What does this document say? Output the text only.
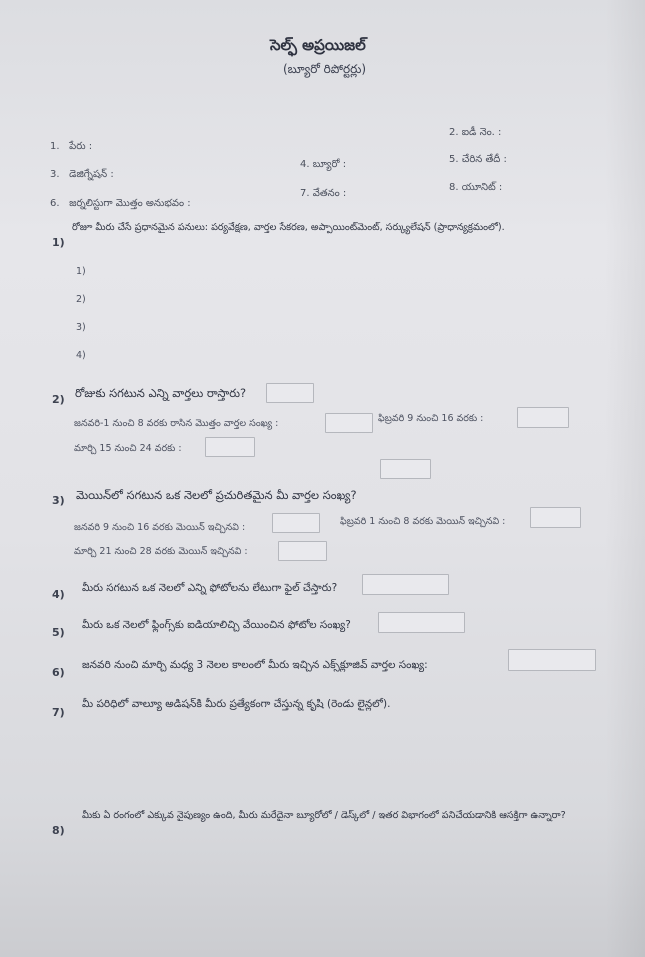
సెల్ఫ్ అప్రయిజల్
(బ్యూరో రిపోర్టర్లు)
1. పేరు :
2. ఐడీ నెం. :
3. డెజిగ్నేషన్ :
4. బ్యూరో :	5. చేరిన తేదీ :
6. జర్నలిస్టుగా మొత్తం అనుభవం :
7. వేతనం :
8. యూనిట్ :
1)
రోజూ మీరు చేసే ప్రధానమైన పనులు: పర్యవేక్షణ, వార్తల సేకరణ, అప్పాయింట్‌మెంట్, సర్క్యులేషన్ (ప్రాధాన్యక్రమంలో).
1)
2)
3)
4)
2) రోజుకు సగటున ఎన్ని వార్తలు రాస్తారు?
జనవరి-1 నుంచి 8 వరకు రాసిన మొత్తం వార్తల సంఖ్య :	ఫిబ్రవరి 9 నుంచి 16 వరకు :
మార్చి 15 నుంచి 24 వరకు :
3) మెయిన్‌లో సగటున ఒక నెలలో ప్రచురితమైన మీ వార్తల సంఖ్య?
జనవరి 9 నుంచి 16 వరకు మెయిన్ ఇచ్చినవి :
ఫిబ్రవరి 1 నుంచి 8 వరకు మెయిన్ ఇచ్చినవి :
మార్చి 21 నుంచి 28 వరకు మెయిన్ ఇచ్చినవి :
4) మీరు సగటున ఒక నెలలో ఎన్ని ఫోటోలను లేటుగా ఫైల్ చేస్తారు?
5)
మీరు ఒక నెలలో ఫ్లింగ్స్‌కు ఐడియాలిచ్చి వేయించిన ఫోటోల సంఖ్య?
6)
జనవరి నుంచి మార్చి మధ్య 3 నెలల కాలంలో మీరు ఇచ్చిన ఎక్స్‌క్లూజివ్ వార్తల సంఖ్య:
7)
మీ పరిధిలో వాల్యూ అడిషన్‌కి మీరు ప్రత్యేకంగా చేస్తున్న కృషి (రెండు లైన్లలో).
8)
మీకు ఏ రంగంలో ఎక్కువ నైపుణ్యం ఉంది, మీరు మరేదైనా బ్యూరోలో / డెస్క్‌లో / ఇతర విభాగంలో పనిచేయడానికి ఆసక్తిగా ఉన్నారా?
